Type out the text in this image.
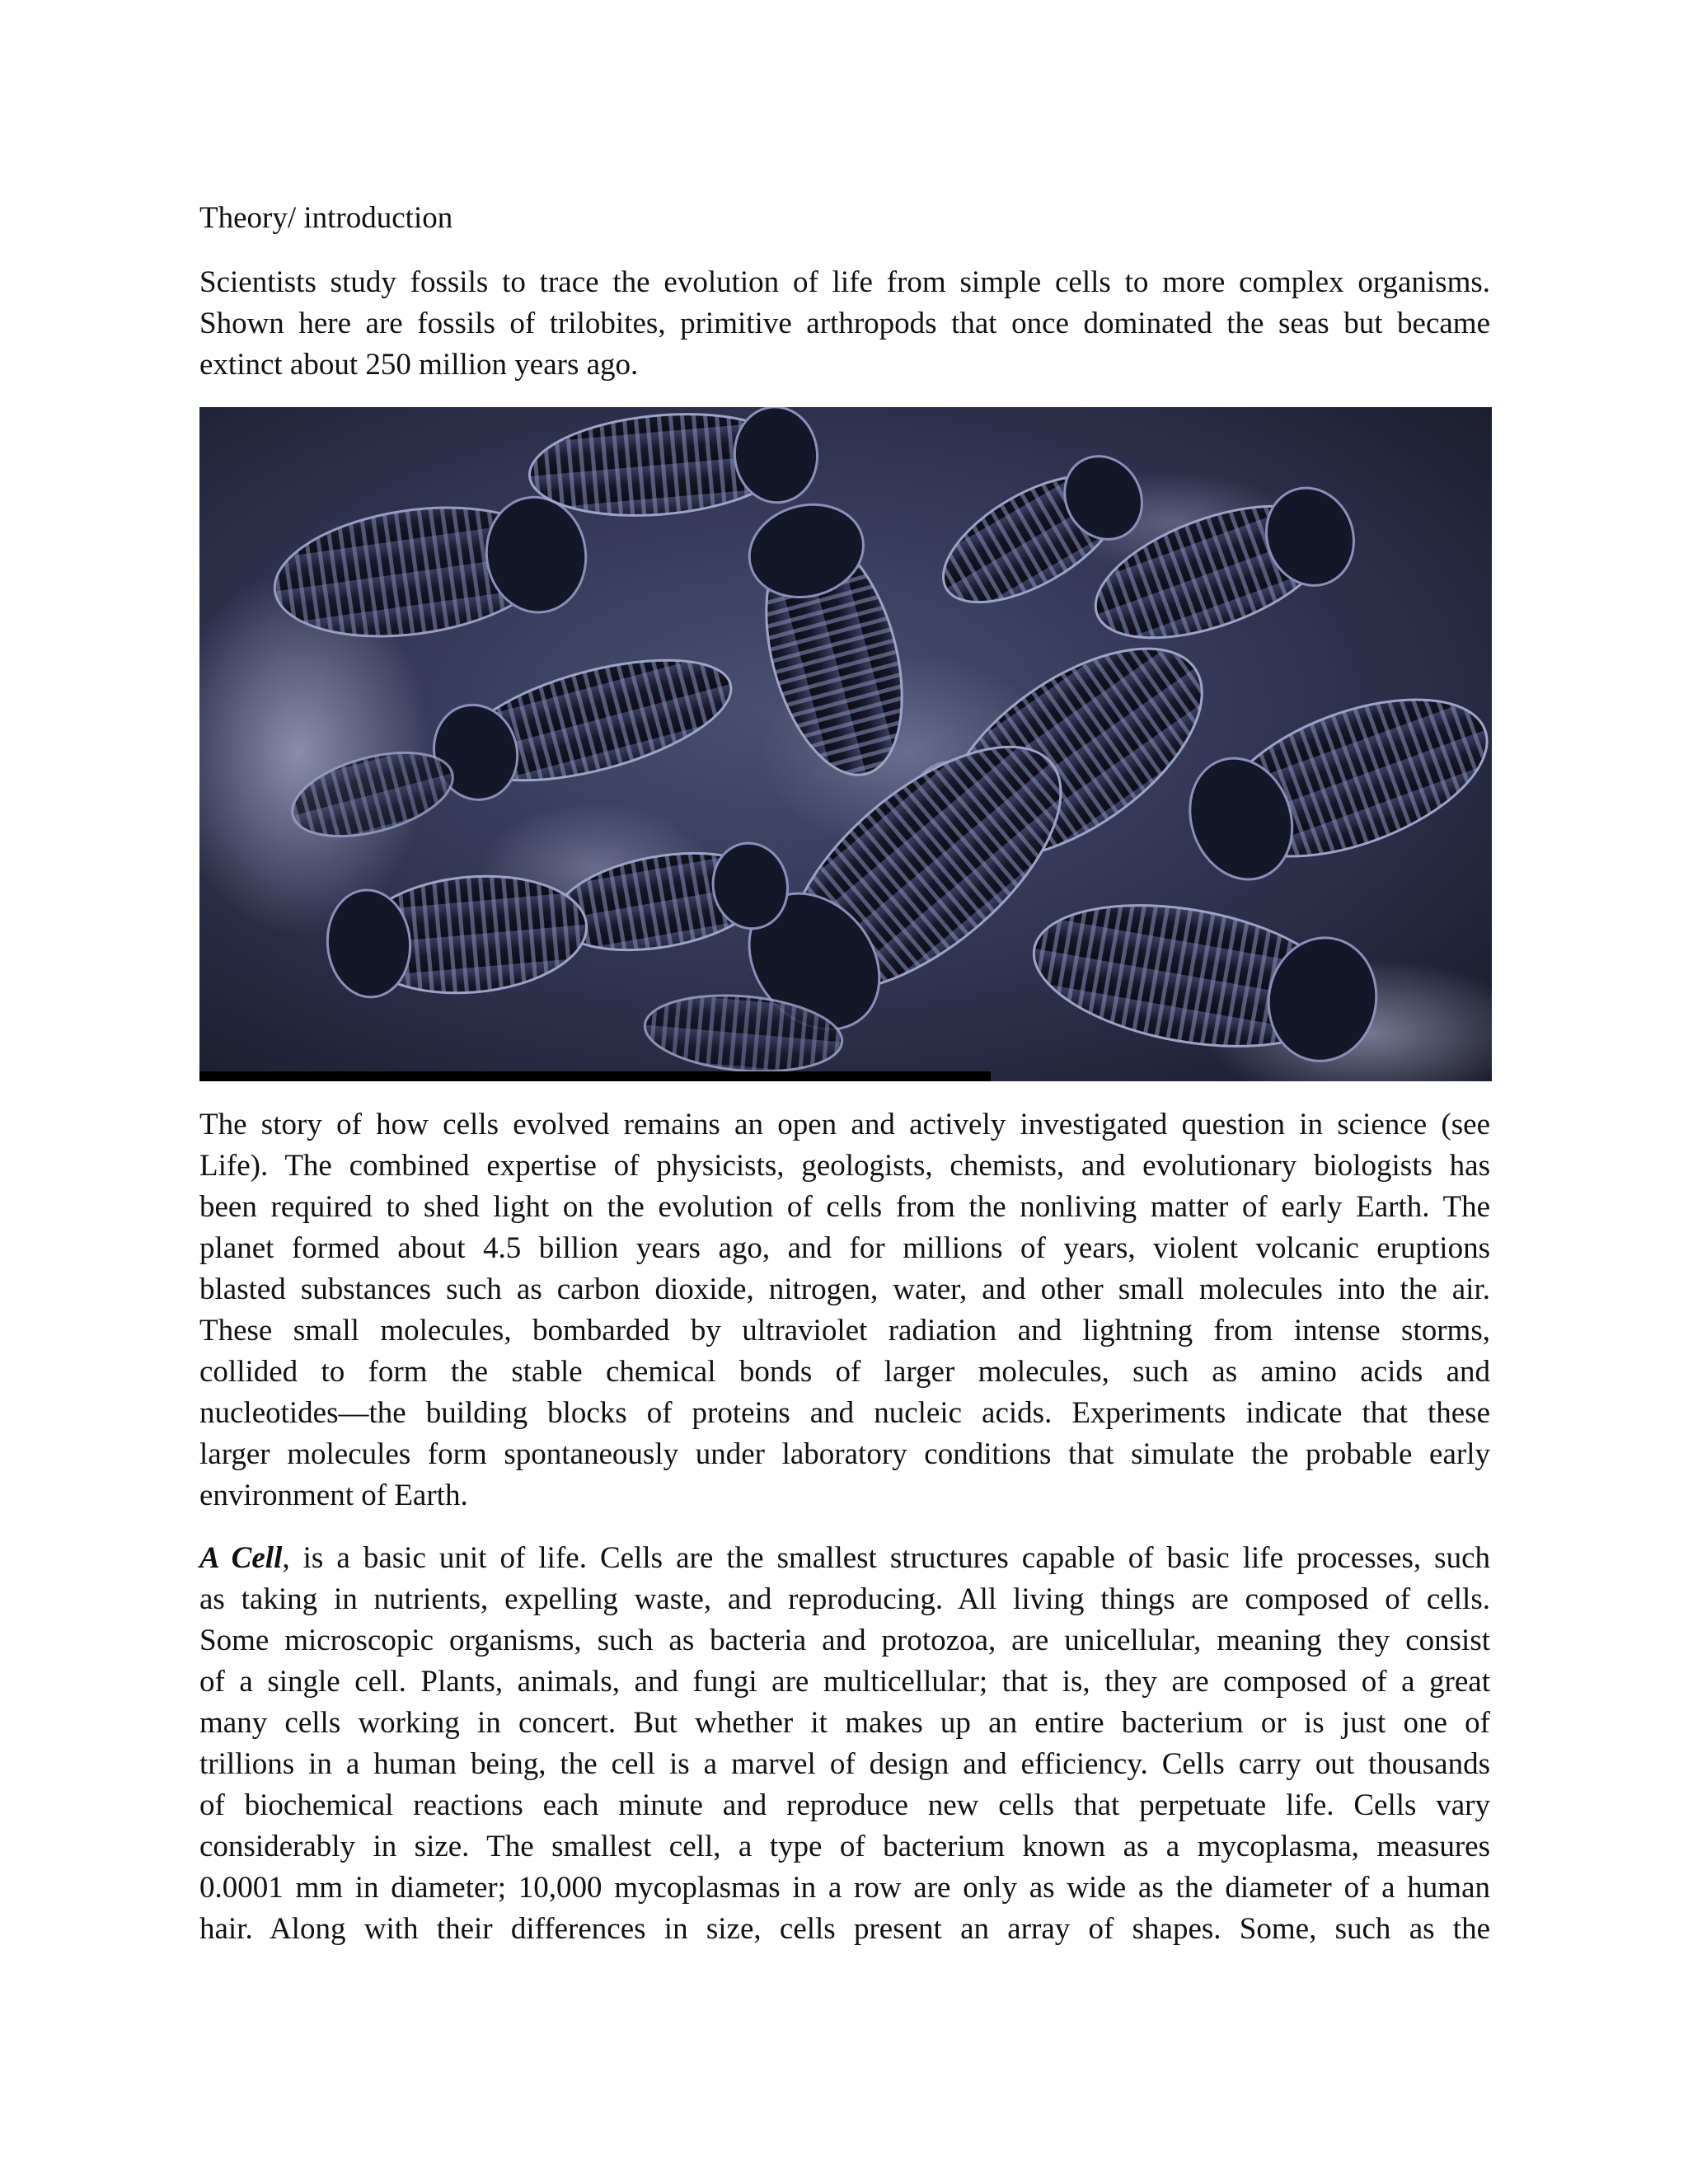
Theory/ introduction

Scientists study fossils to trace the evolution of life from simple cells to more complex organisms.
Shown here are fossils of trilobites, primitive arthropods that once dominated the seas but became
extinct about 250 million years ago.

The story of how cells evolved remains an open and actively investigated question in science (see
Life). The combined expertise of physicists, geologists, chemists, and evolutionary biologists has
been required to shed light on the evolution of cells from the nonliving matter of early Earth. The
planet formed about 4.5 billion years ago, and for millions of years, violent volcanic eruptions
blasted substances such as carbon dioxide, nitrogen, water, and other small molecules into the air.
These small molecules, bombarded by ultraviolet radiation and lightning from intense storms,
collided to form the stable chemical bonds of larger molecules, such as amino acids and
nucleotides—the building blocks of proteins and nucleic acids. Experiments indicate that these
larger molecules form spontaneously under laboratory conditions that simulate the probable early
environment of Earth.

A Cell, is a basic unit of life. Cells are the smallest structures capable of basic life processes, such
as taking in nutrients, expelling waste, and reproducing. All living things are composed of cells.
Some microscopic organisms, such as bacteria and protozoa, are unicellular, meaning they consist
of a single cell. Plants, animals, and fungi are multicellular; that is, they are composed of a great
many cells working in concert. But whether it makes up an entire bacterium or is just one of
trillions in a human being, the cell is a marvel of design and efficiency. Cells carry out thousands
of biochemical reactions each minute and reproduce new cells that perpetuate life. Cells vary
considerably in size. The smallest cell, a type of bacterium known as a mycoplasma, measures
0.0001 mm in diameter; 10,000 mycoplasmas in a row are only as wide as the diameter of a human
hair. Along with their differences in size, cells present an array of shapes. Some, such as the
